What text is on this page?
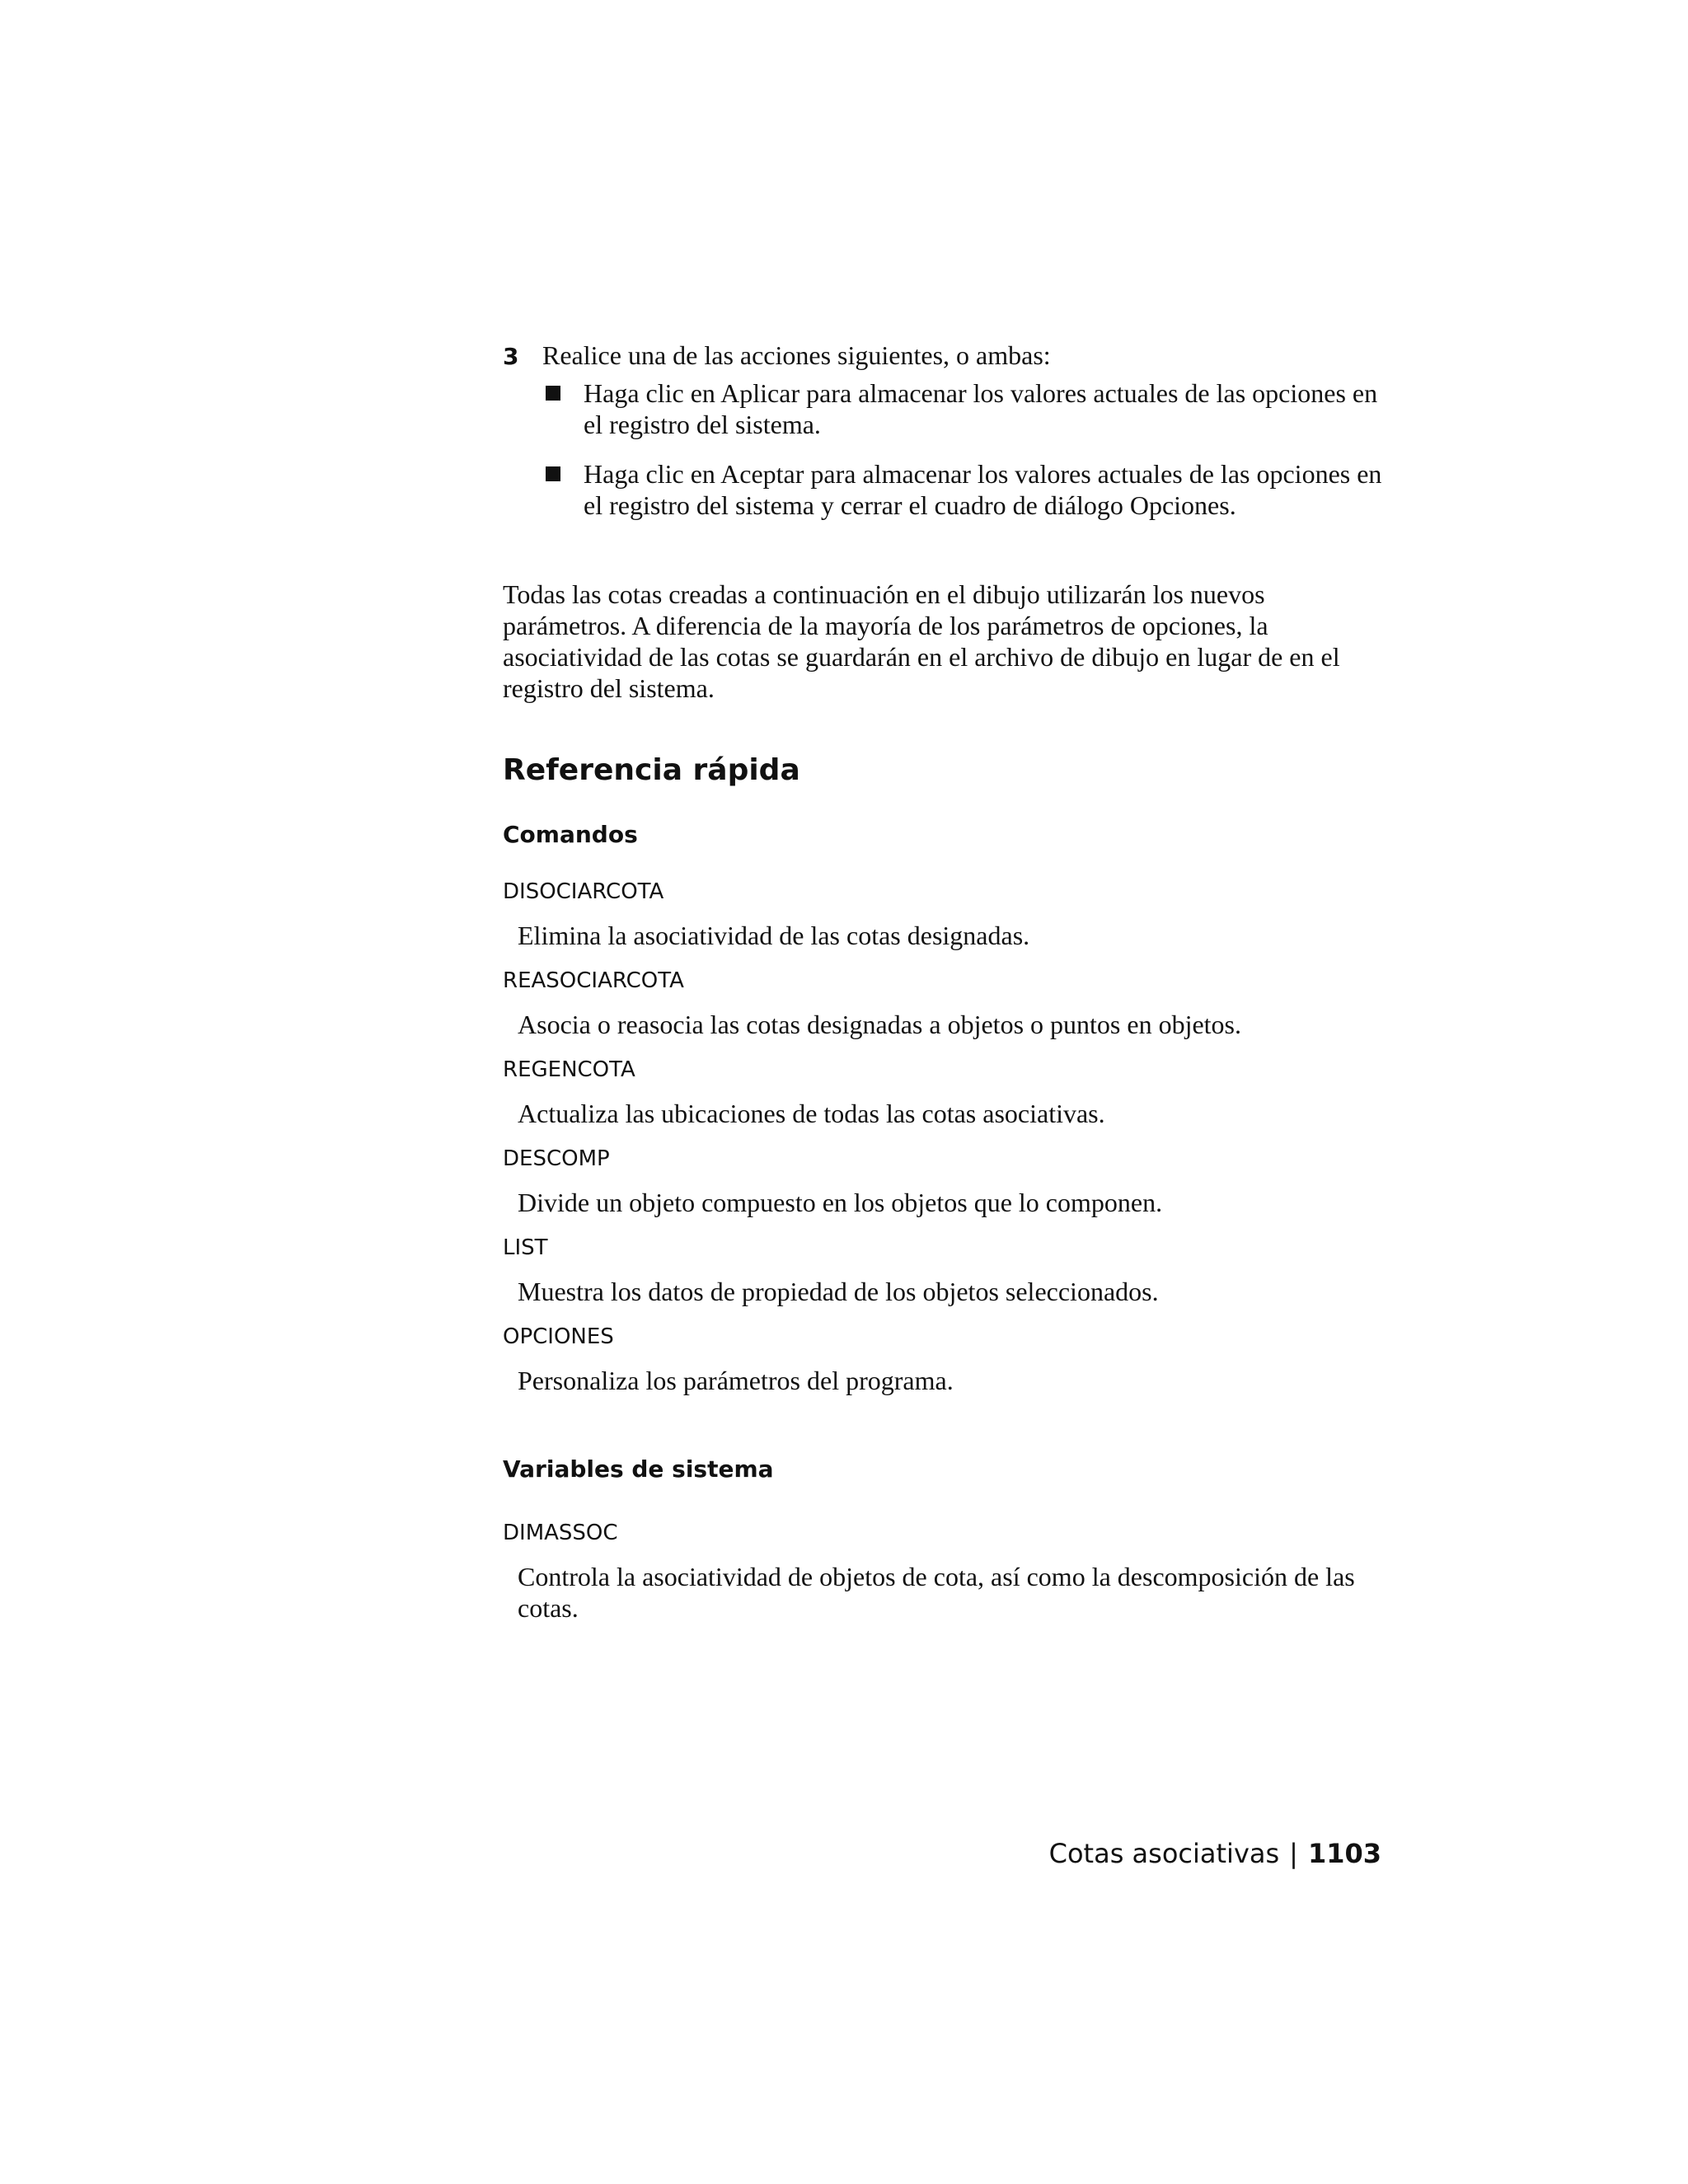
3 Realice una de las acciones siguientes, o ambas:
Haga clic en Aplicar para almacenar los valores actuales de las opciones en el registro del sistema.
Haga clic en Aceptar para almacenar los valores actuales de las opciones en el registro del sistema y cerrar el cuadro de diálogo Opciones.

Todas las cotas creadas a continuación en el dibujo utilizarán los nuevos parámetros. A diferencia de la mayoría de los parámetros de opciones, la asociatividad de las cotas se guardarán en el archivo de dibujo en lugar de en el registro del sistema.

Referencia rápida
Comandos

DISOCIARCOTA

Elimina la asociatividad de las cotas designadas.

REASOCIARCOTA

Asocia o reasocia las cotas designadas a objetos o puntos en objetos.

REGENCOTA

Actualiza las ubicaciones de todas las cotas asociativas.

DESCOMP

Divide un objeto compuesto en los objetos que lo componen.

LIST

Muestra los datos de propiedad de los objetos seleccionados.

OPCIONES

Personaliza los parámetros del programa.

Variables de sistema

DIMASSOC

Controla la asociatividad de objetos de cota, así como la descomposición de las cotas.

Cotas asociativas | 1103
